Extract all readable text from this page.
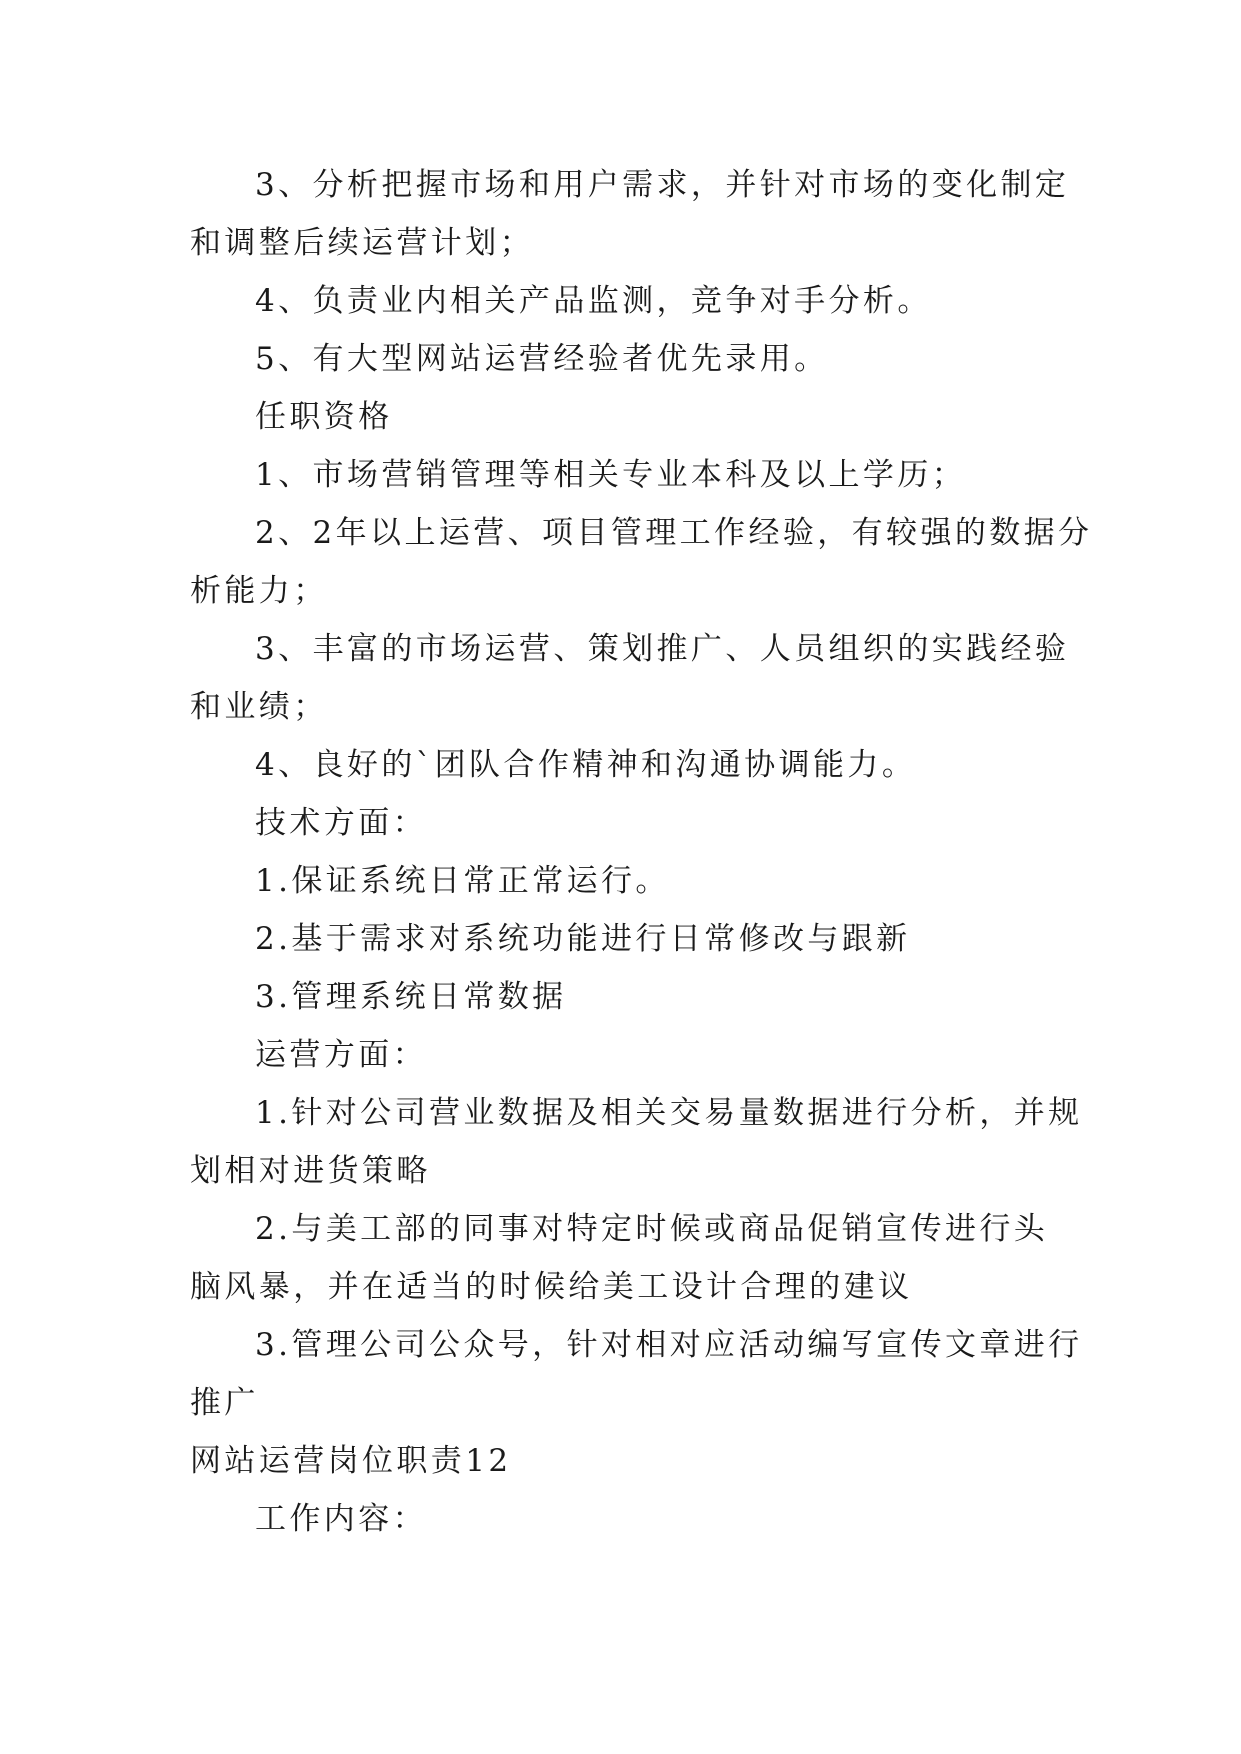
3、分析把握市场和用户需求，并针对市场的变化制定
和调整后续运营计划；
4、负责业内相关产品监测，竞争对手分析。
5、有大型网站运营经验者优先录用。
任职资格
1、市场营销管理等相关专业本科及以上学历；
2、2年以上运营、项目管理工作经验，有较强的数据分
析能力；
3、丰富的市场运营、策划推广、人员组织的实践经验
和业绩；
4、良好的`团队合作精神和沟通协调能力。
技术方面：
1.保证系统日常正常运行。
2.基于需求对系统功能进行日常修改与跟新
3.管理系统日常数据
运营方面：
1.针对公司营业数据及相关交易量数据进行分析，并规
划相对进货策略
2.与美工部的同事对特定时候或商品促销宣传进行头
脑风暴，并在适当的时候给美工设计合理的建议
3.管理公司公众号，针对相对应活动编写宣传文章进行
推广
网站运营岗位职责12
工作内容：
